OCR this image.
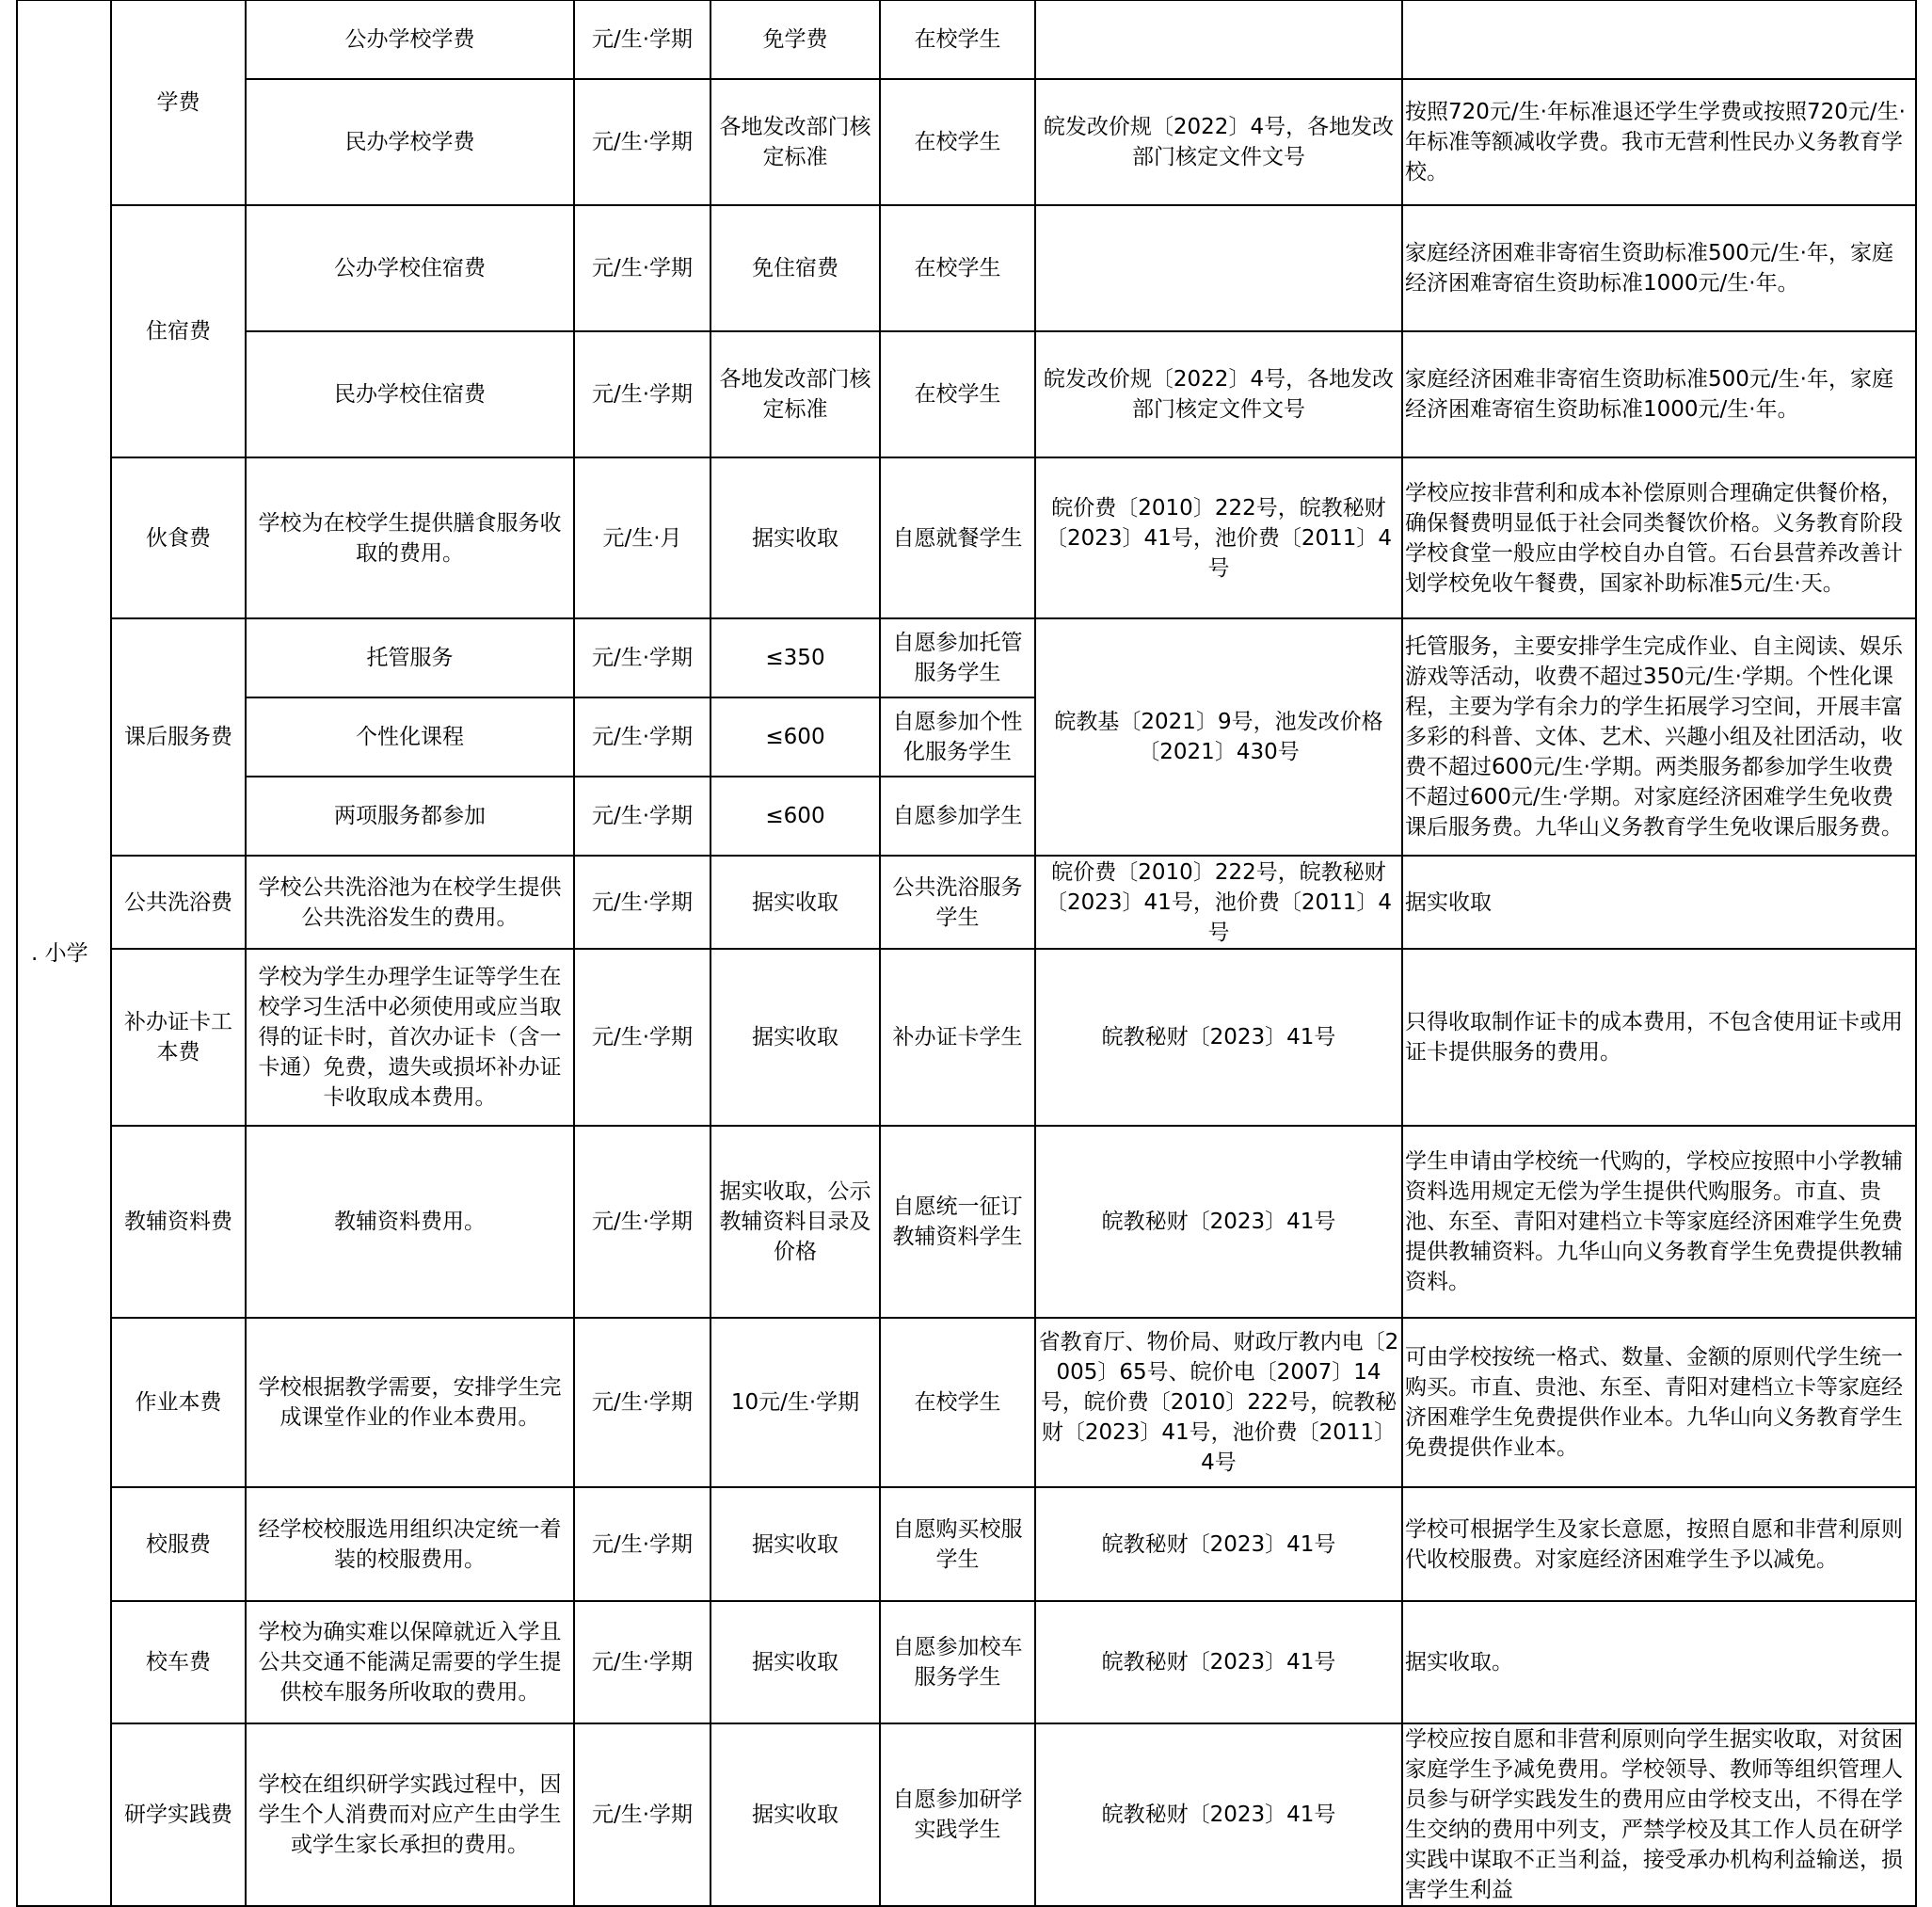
. 小学	学费	公办学校学费	元/生·学期	免学费	在校学生		
		民办学校学费	元/生·学期	各地发改部门核定标准	在校学生	皖发改价规〔2022〕4号，各地发改部门核定文件文号	按照720元/生·年标准退还学生学费或按照720元/生·年标准等额减收学费。我市无营利性民办义务教育学校。
	住宿费	公办学校住宿费	元/生·学期	免住宿费	在校学生		家庭经济困难非寄宿生资助标准500元/生·年，家庭经济困难寄宿生资助标准1000元/生·年。
		民办学校住宿费	元/生·学期	各地发改部门核定标准	在校学生	皖发改价规〔2022〕4号，各地发改部门核定文件文号	家庭经济困难非寄宿生资助标准500元/生·年，家庭经济困难寄宿生资助标准1000元/生·年。
	伙食费	学校为在校学生提供膳食服务收取的费用。	元/生·月	据实收取	自愿就餐学生	皖价费〔2010〕222号，皖教秘财〔2023〕41号，池价费〔2011〕4号	学校应按非营利和成本补偿原则合理确定供餐价格，确保餐费明显低于社会同类餐饮价格。义务教育阶段学校食堂一般应由学校自办自管。石台县营养改善计划学校免收午餐费，国家补助标准5元/生·天。
	课后服务费	托管服务	元/生·学期	≤350	自愿参加托管服务学生	皖教基〔2021〕9号，池发改价格〔2021〕430号	托管服务，主要安排学生完成作业、自主阅读、娱乐游戏等活动，收费不超过350元/生·学期。个性化课程，主要为学有余力的学生拓展学习空间，开展丰富多彩的科普、文体、艺术、兴趣小组及社团活动，收费不超过600元/生·学期。两类服务都参加学生收费不超过600元/生·学期。对家庭经济困难学生免收费课后服务费。九华山义务教育学生免收课后服务费。
		个性化课程	元/生·学期	≤600	自愿参加个性化服务学生		
		两项服务都参加	元/生·学期	≤600	自愿参加学生		
	公共洗浴费	学校公共洗浴池为在校学生提供公共洗浴发生的费用。	元/生·学期	据实收取	公共洗浴服务学生	皖价费〔2010〕222号，皖教秘财〔2023〕41号，池价费〔2011〕4号	据实收取
	补办证卡工本费	学校为学生办理学生证等学生在校学习生活中必须使用或应当取得的证卡时，首次办证卡（含一卡通）免费，遗失或损坏补办证卡收取成本费用。	元/生·学期	据实收取	补办证卡学生	皖教秘财〔2023〕41号	只得收取制作证卡的成本费用，不包含使用证卡或用证卡提供服务的费用。
	教辅资料费	教辅资料费用。	元/生·学期	据实收取，公示教辅资料目录及价格	自愿统一征订教辅资料学生	皖教秘财〔2023〕41号	学生申请由学校统一代购的，学校应按照中小学教辅资料选用规定无偿为学生提供代购服务。市直、贵池、东至、青阳对建档立卡等家庭经济困难学生免费提供教辅资料。九华山向义务教育学生免费提供教辅资料。
	作业本费	学校根据教学需要，安排学生完成课堂作业的作业本费用。	元/生·学期	10元/生·学期	在校学生	省教育厅、物价局、财政厅教内电〔2005〕65号、皖价电〔2007〕14号，皖价费〔2010〕222号，皖教秘财〔2023〕41号，池价费〔2011〕4号	可由学校按统一格式、数量、金额的原则代学生统一购买。市直、贵池、东至、青阳对建档立卡等家庭经济困难学生免费提供作业本。九华山向义务教育学生免费提供作业本。
	校服费	经学校校服选用组织决定统一着装的校服费用。	元/生·学期	据实收取	自愿购买校服学生	皖教秘财〔2023〕41号	学校可根据学生及家长意愿，按照自愿和非营利原则代收校服费。对家庭经济困难学生予以减免。
	校车费	学校为确实难以保障就近入学且公共交通不能满足需要的学生提供校车服务所收取的费用。	元/生·学期	据实收取	自愿参加校车服务学生	皖教秘财〔2023〕41号	据实收取。
	研学实践费	学校在组织研学实践过程中，因学生个人消费而对应产生由学生或学生家长承担的费用。	元/生·学期	据实收取	自愿参加研学实践学生	皖教秘财〔2023〕41号	学校应按自愿和非营利原则向学生据实收取，对贫困家庭学生予减免费用。学校领导、教师等组织管理人员参与研学实践发生的费用应由学校支出，不得在学生交纳的费用中列支，严禁学校及其工作人员在研学实践中谋取不正当利益，接受承办机构利益输送，损害学生利益
